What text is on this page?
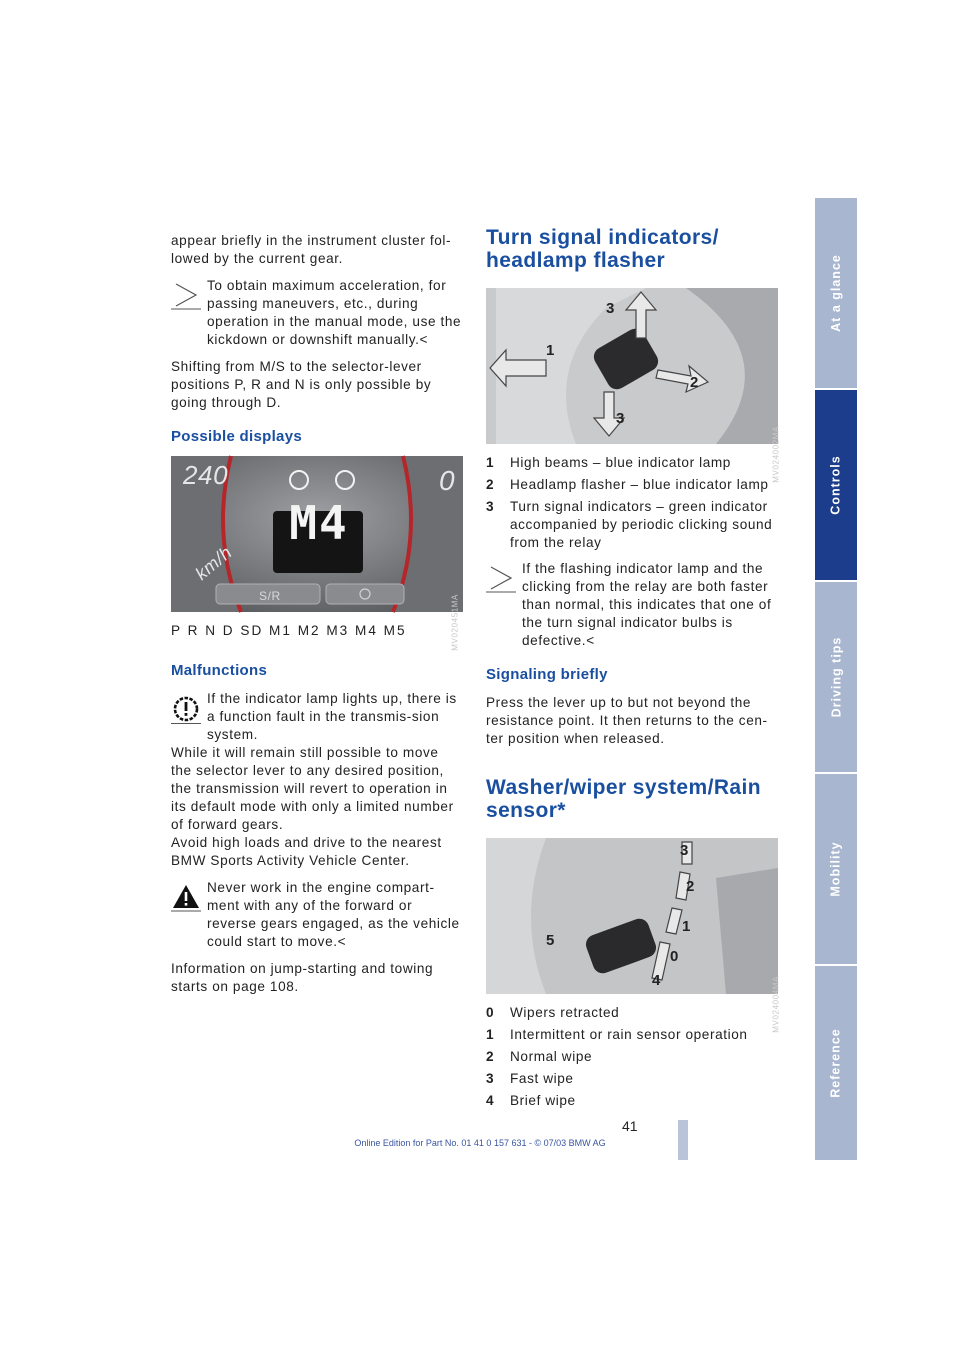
appear briefly in the instrument cluster fol-lowed by the current gear.

To obtain maximum acceleration, for passing maneuvers, etc., during operation in the manual mode, use the kickdown or downshift manually.<

Shifting from M/S to the selector-lever positions P, R and N is only possible by going through D.

Possible displays
240
km/h
0
M4
S/R	MV020451MA

P R N D SD M1 M2 M3 M4 M5

Malfunctions
If the indicator lamp lights up, there is a function fault in the transmis-sion system.

While it will remain still possible to move the selector lever to any desired position, the transmission will revert to operation in its default mode with only a limited number of forward gears.

Avoid high loads and drive to the nearest BMW Sports Activity Vehicle Center.

Never work in the engine compart-ment with any of the forward or reverse gears engaged, as the vehicle could start to move.<

Information on jump-starting and towing starts on page 108.

Turn signal indicators/ headlamp flasher
1
2
3
3
MV024002MA
1	High beams – blue indicator lamp
2	Headlamp flasher – blue indicator lamp
3	Turn signal indicators – green indicator accompanied by periodic clicking sound from the relay
If the flashing indicator lamp and the clicking from the relay are both faster than normal, this indicates that one of the turn signal indicator bulbs is defective.<
Signaling briefly

Press the lever up to but not beyond the resistance point. It then returns to the cen-ter position when released.

Washer/wiper system/Rain sensor*
3
2
1
0
4
5
MV024004MA
0	Wipers retracted
1	Intermittent or rain sensor operation
2	Normal wipe
3	Fast wipe
4	Brief wipe
At a glance
Controls
Driving tips
Mobility
Reference
41
Online Edition for Part No. 01 41 0 157 631 - © 07/03 BMW AG
